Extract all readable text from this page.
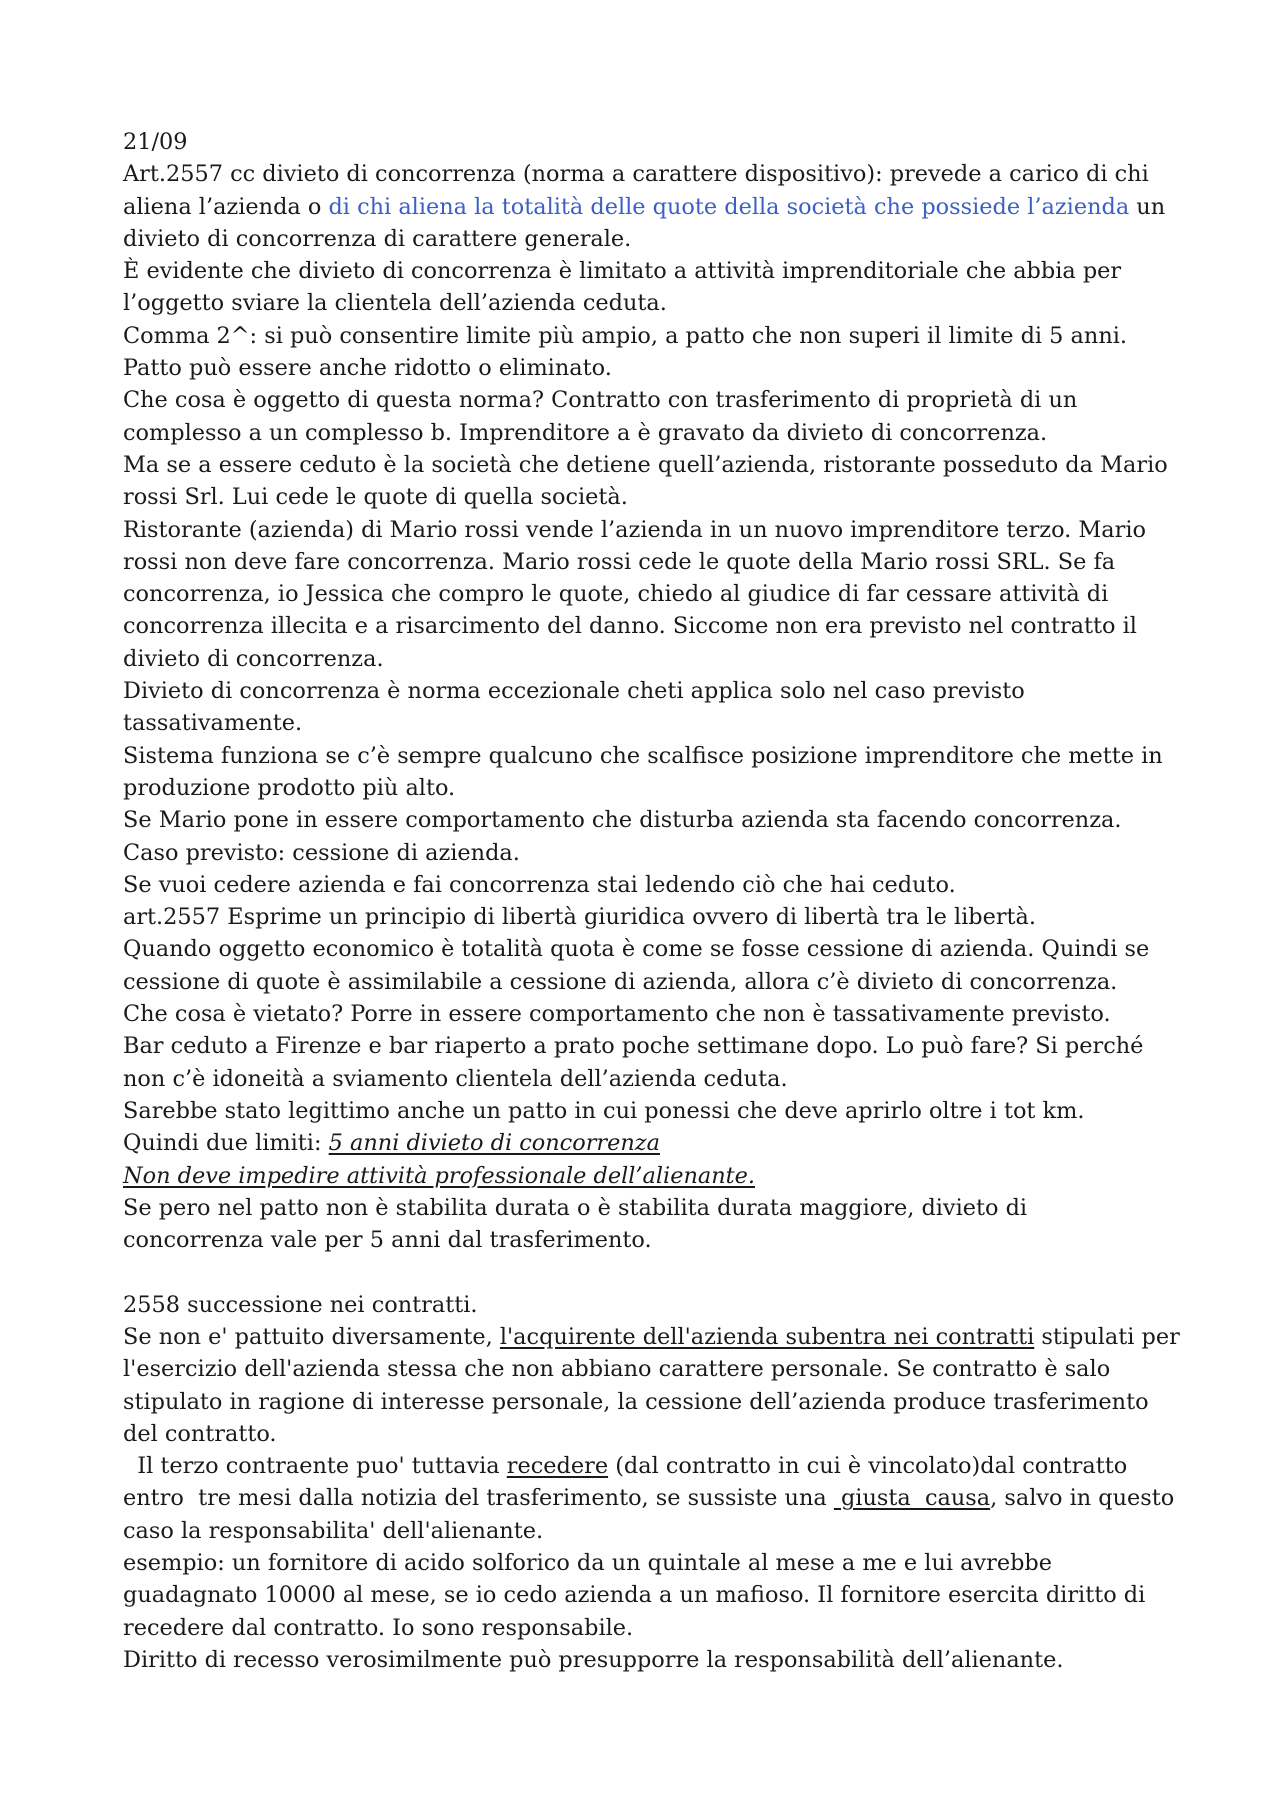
21/09
Art.2557 cc divieto di concorrenza (norma a carattere dispositivo): prevede a carico di chi
aliena l’azienda o di chi aliena la totalità delle quote della società che possiede l’azienda un
divieto di concorrenza di carattere generale.
È evidente che divieto di concorrenza è limitato a attività imprenditoriale che abbia per
l’oggetto sviare la clientela dell’azienda ceduta.
Comma 2^: si può consentire limite più ampio, a patto che non superi il limite di 5 anni.
Patto può essere anche ridotto o eliminato.
Che cosa è oggetto di questa norma? Contratto con trasferimento di proprietà di un
complesso a un complesso b. Imprenditore a è gravato da divieto di concorrenza.
Ma se a essere ceduto è la società che detiene quell’azienda, ristorante posseduto da Mario
rossi Srl. Lui cede le quote di quella società.
Ristorante (azienda) di Mario rossi vende l’azienda in un nuovo imprenditore terzo. Mario
rossi non deve fare concorrenza. Mario rossi cede le quote della Mario rossi SRL. Se fa
concorrenza, io Jessica che compro le quote, chiedo al giudice di far cessare attività di
concorrenza illecita e a risarcimento del danno. Siccome non era previsto nel contratto il
divieto di concorrenza.
Divieto di concorrenza è norma eccezionale cheti applica solo nel caso previsto
tassativamente.
Sistema funziona se c’è sempre qualcuno che scalfisce posizione imprenditore che mette in
produzione prodotto più alto.
Se Mario pone in essere comportamento che disturba azienda sta facendo concorrenza.
Caso previsto: cessione di azienda.
Se vuoi cedere azienda e fai concorrenza stai ledendo ciò che hai ceduto.
art.2557 Esprime un principio di libertà giuridica ovvero di libertà tra le libertà.
Quando oggetto economico è totalità quota è come se fosse cessione di azienda. Quindi se
cessione di quote è assimilabile a cessione di azienda, allora c’è divieto di concorrenza.
Che cosa è vietato? Porre in essere comportamento che non è tassativamente previsto.
Bar ceduto a Firenze e bar riaperto a prato poche settimane dopo. Lo può fare? Si perché
non c’è idoneità a sviamento clientela dell’azienda ceduta.
Sarebbe stato legittimo anche un patto in cui ponessi che deve aprirlo oltre i tot km.
Quindi due limiti: 5 anni divieto di concorrenza
Non deve impedire attività professionale dell’alienante.
Se pero nel patto non è stabilita durata o è stabilita durata maggiore, divieto di
concorrenza vale per 5 anni dal trasferimento.
2558 successione nei contratti.
Se non e' pattuito diversamente, l'acquirente dell'azienda subentra nei contratti stipulati per
l'esercizio dell'azienda stessa che non abbiano carattere personale. Se contratto è salo
stipulato in ragione di interesse personale, la cessione dell’azienda produce trasferimento
del contratto.
Il terzo contraente puo' tuttavia recedere (dal contratto in cui è vincolato)dal contratto
entro  tre mesi dalla notizia del trasferimento, se sussiste una  giusta  causa, salvo in questo
caso la responsabilita' dell'alienante.
esempio: un fornitore di acido solforico da un quintale al mese a me e lui avrebbe
guadagnato 10000 al mese, se io cedo azienda a un mafioso. Il fornitore esercita diritto di
recedere dal contratto. Io sono responsabile.
Diritto di recesso verosimilmente può presupporre la responsabilità dell’alienante.
